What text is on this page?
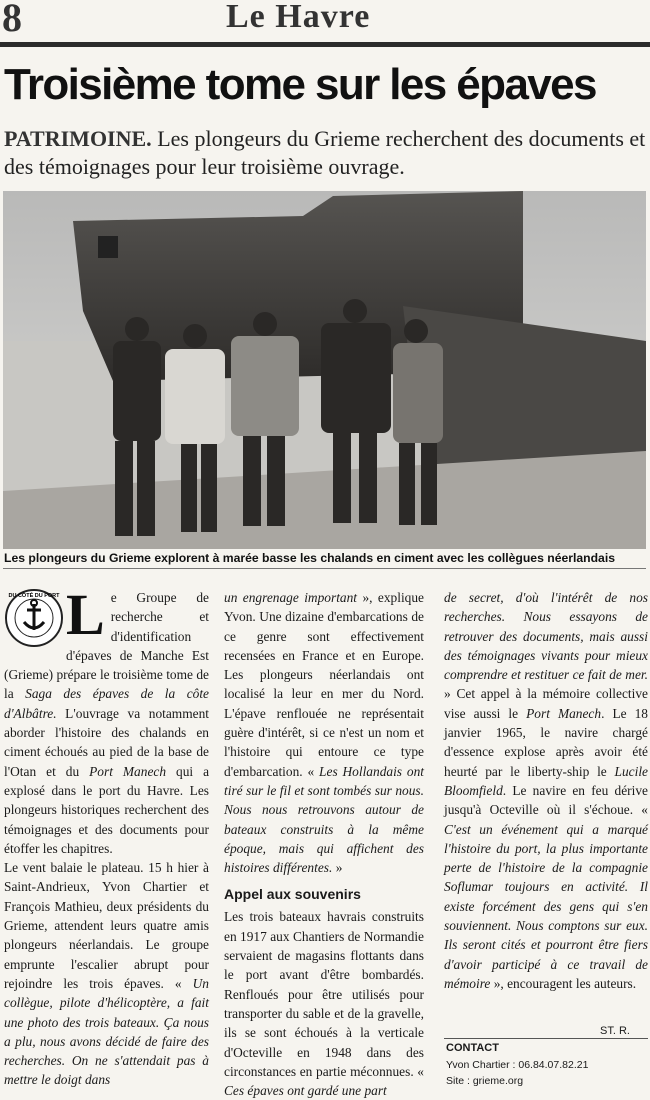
8	Le Havre
Troisième tome sur les épaves
PATRIMOINE. Les plongeurs du Grieme recherchent des documents et des témoignages pour leur troisième ouvrage.
Les plongeurs du Grieme explorent à marée basse les chalands en ciment avec les collègues néerlandais
DU CÔTÉ DU PORT L e Groupe de recherche et d'identification d'épaves de Manche Est (Grieme) prépare le troisième tome de la Saga des épaves de la côte d'Albâtre. L'ouvrage va notamment aborder l'histoire des chalands en ciment échoués au pied de la base de l'Otan et du Port Manech qui a explosé dans le port du Havre. Les plongeurs historiques recherchent des témoignages et des documents pour étoffer les chapitres.

Le vent balaie le plateau. 15 h hier à Saint-Andrieux, Yvon Chartier et François Mathieu, deux présidents du Grieme, attendent leurs quatre amis plongeurs néerlandais. Le groupe emprunte l'escalier abrupt pour rejoindre les trois épaves. « Un collègue, pilote d'hélicoptère, a fait une photo des trois bateaux. Ça nous a plu, nous avons décidé de faire des recherches. On ne s'attendait pas à mettre le doigt dans

un engrenage important », explique Yvon. Une dizaine d'embarcations de ce genre sont effectivement recensées en France et en Europe. Les plongeurs néerlandais ont localisé la leur en mer du Nord. L'épave renflouée ne représentait guère d'intérêt, si ce n'est un nom et l'histoire qui entoure ce type d'embarcation. « Les Hollandais ont tiré sur le fil et sont tombés sur nous. Nous nous retrouvons autour de bateaux construits à la même époque, mais qui affichent des histoires différentes. »

Appel aux souvenirs

Les trois bateaux havrais construits en 1917 aux Chantiers de Normandie servaient de magasins flottants dans le port avant d'être bombardés. Renfloués pour être utilisés pour transporter du sable et de la gravelle, ils se sont échoués à la verticale d'Octeville en 1948 dans des circonstances en partie méconnues. « Ces épaves ont gardé une part

de secret, d'où l'intérêt de nos recherches. Nous essayons de retrouver des documents, mais aussi des témoignages vivants pour mieux comprendre et restituer ce fait de mer. » Cet appel à la mémoire collective vise aussi le Port Manech. Le 18 janvier 1965, le navire chargé d'essence explose après avoir été heurté par le liberty-ship le Lucile Bloomfield. Le navire en feu dérive jusqu'à Octeville où il s'échoue. « C'est un événement qui a marqué l'histoire du port, la plus importante perte de l'histoire de la compagnie Soflumar toujours en activité. Il existe forcément des gens qui s'en souviennent. Nous comptons sur eux. Ils seront cités et pourront être fiers d'avoir participé à ce travail de mémoire », encouragent les auteurs.

ST. R.
CONTACT
Yvon Chartier : 06.84.07.82.21
Site : grieme.org
